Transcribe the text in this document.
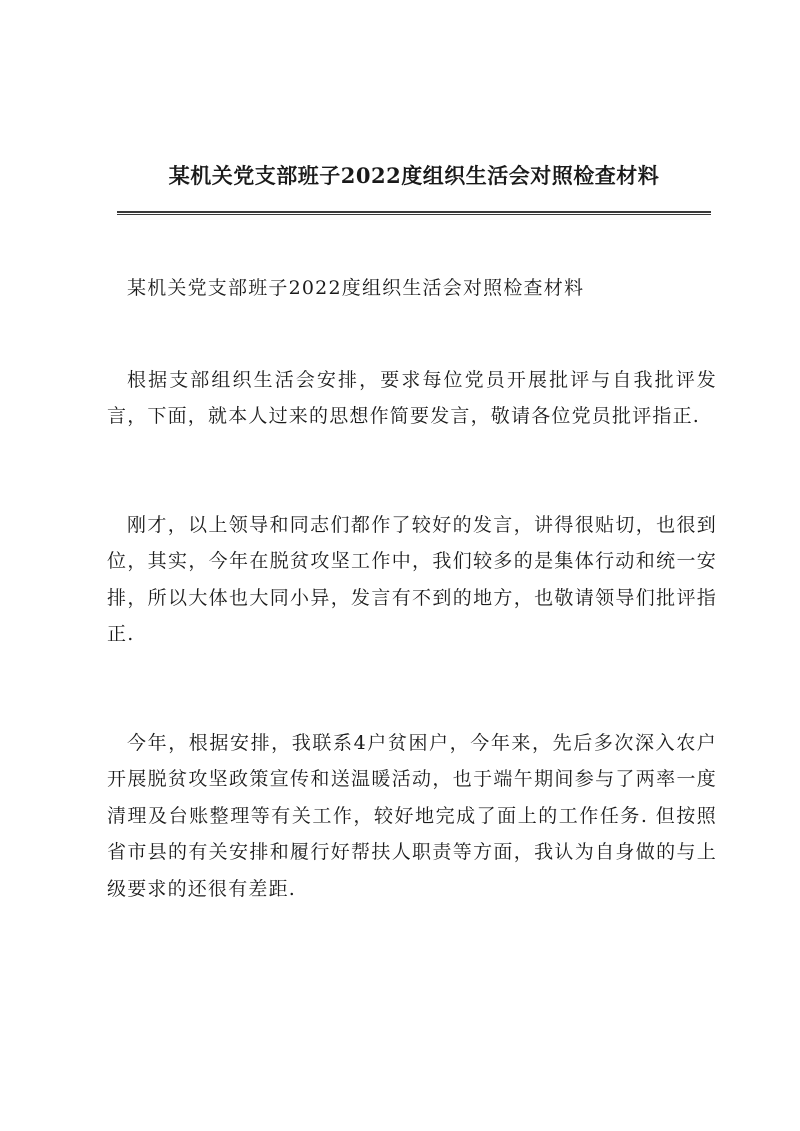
某机关党支部班子2022度组织生活会对照检查材料

某机关党支部班子2022度组织生活会对照检查材料

根据支部组织生活会安排，要求每位党员开展批评与自我批评发言，下面，就本人过来的思想作简要发言，敬请各位党员批评指正.

刚才，以上领导和同志们都作了较好的发言，讲得很贴切，也很到位，其实，今年在脱贫攻坚工作中，我们较多的是集体行动和统一安排，所以大体也大同小异，发言有不到的地方，也敬请领导们批评指正.

今年，根据安排，我联系4户贫困户，今年来，先后多次深入农户开展脱贫攻坚政策宣传和送温暖活动，也于端午期间参与了两率一度清理及台账整理等有关工作，较好地完成了面上的工作任务. 但按照省市县的有关安排和履行好帮扶人职责等方面，我认为自身做的与上级要求的还很有差距.
